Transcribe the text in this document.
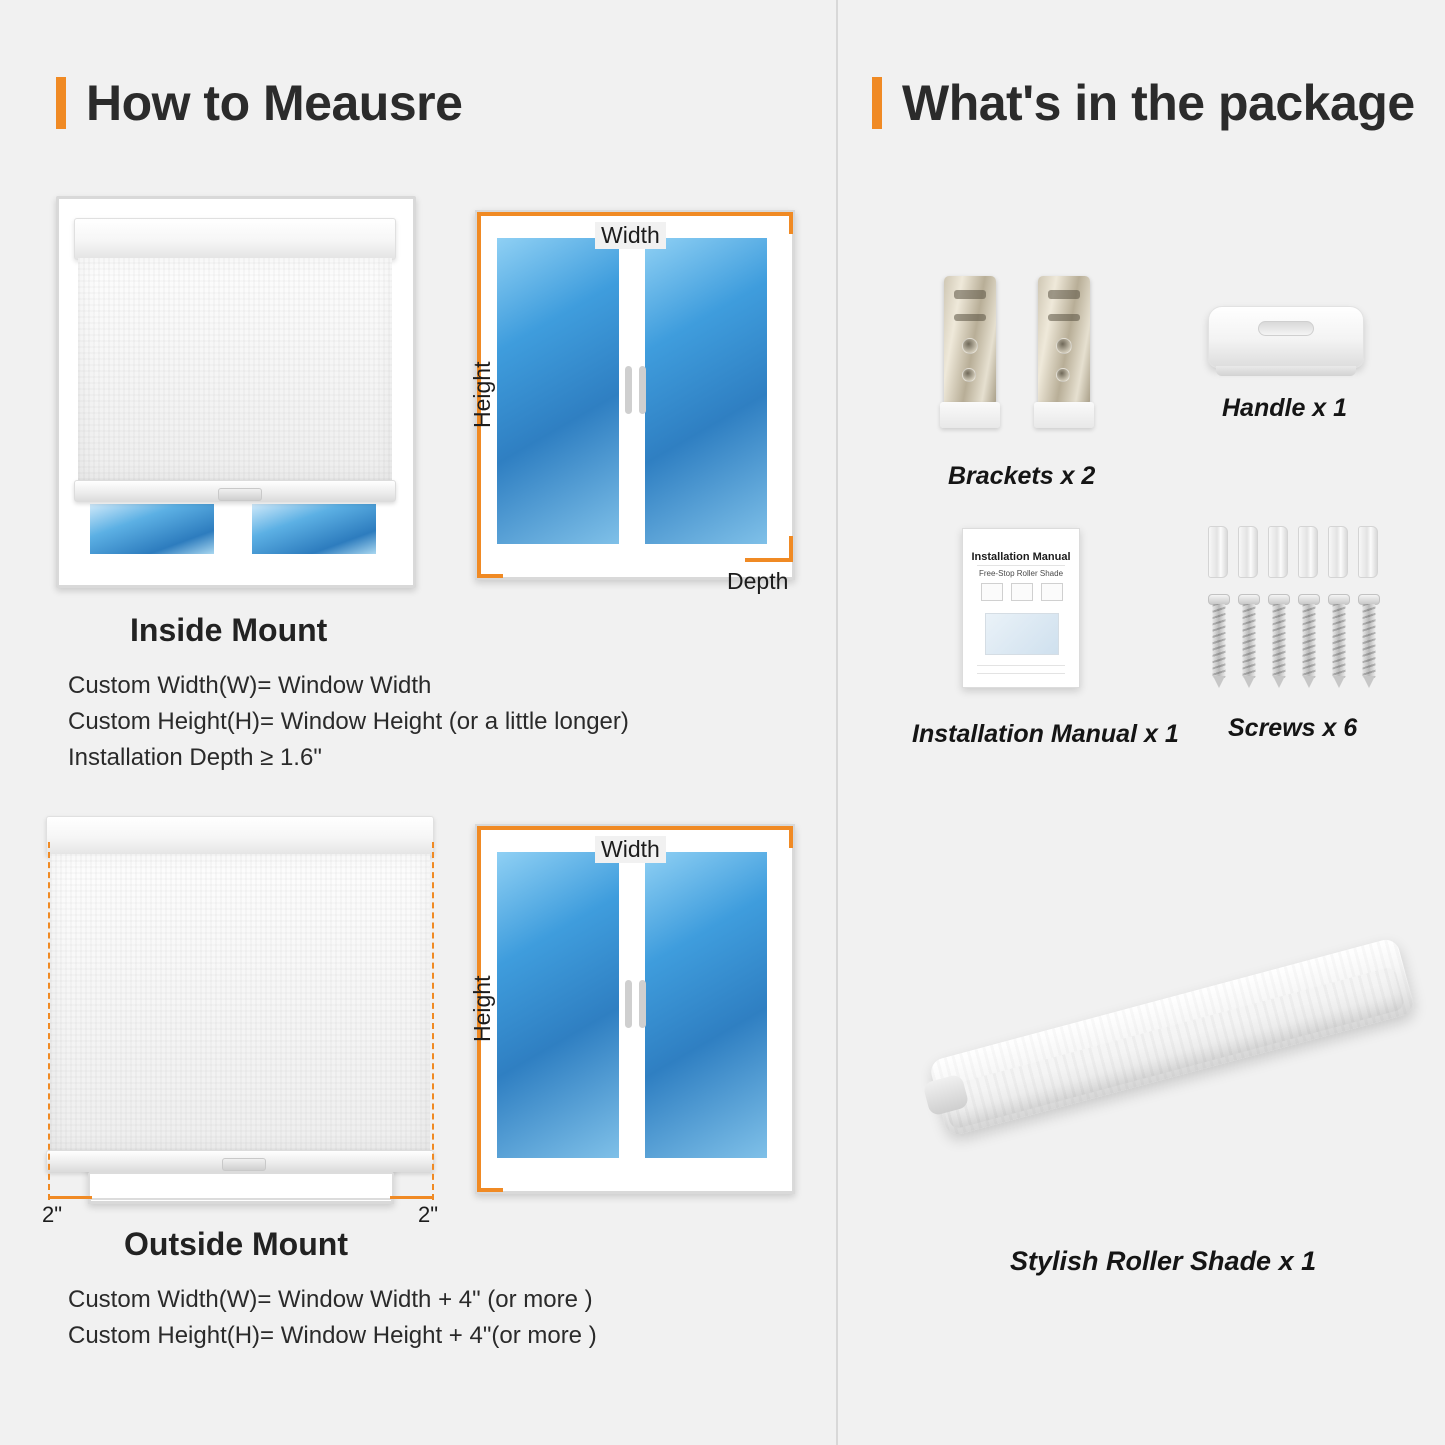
How to Meausre	What's in the package
Width
Height
Depth
Inside Mount
Custom Width(W)= Window Width
Custom Height(H)= Window Height (or a little longer)
Installation Depth ≥ 1.6"
2"	2"
Width
Height
Outside Mount
Custom Width(W)= Window Width + 4" (or more )
Custom Height(H)= Window Height + 4"(or more )
Brackets x 2
Handle x 1
Installation Manual
Free-Stop Roller Shade
Installation Manual x 1 Screws x 6
Stylish Roller Shade x 1
